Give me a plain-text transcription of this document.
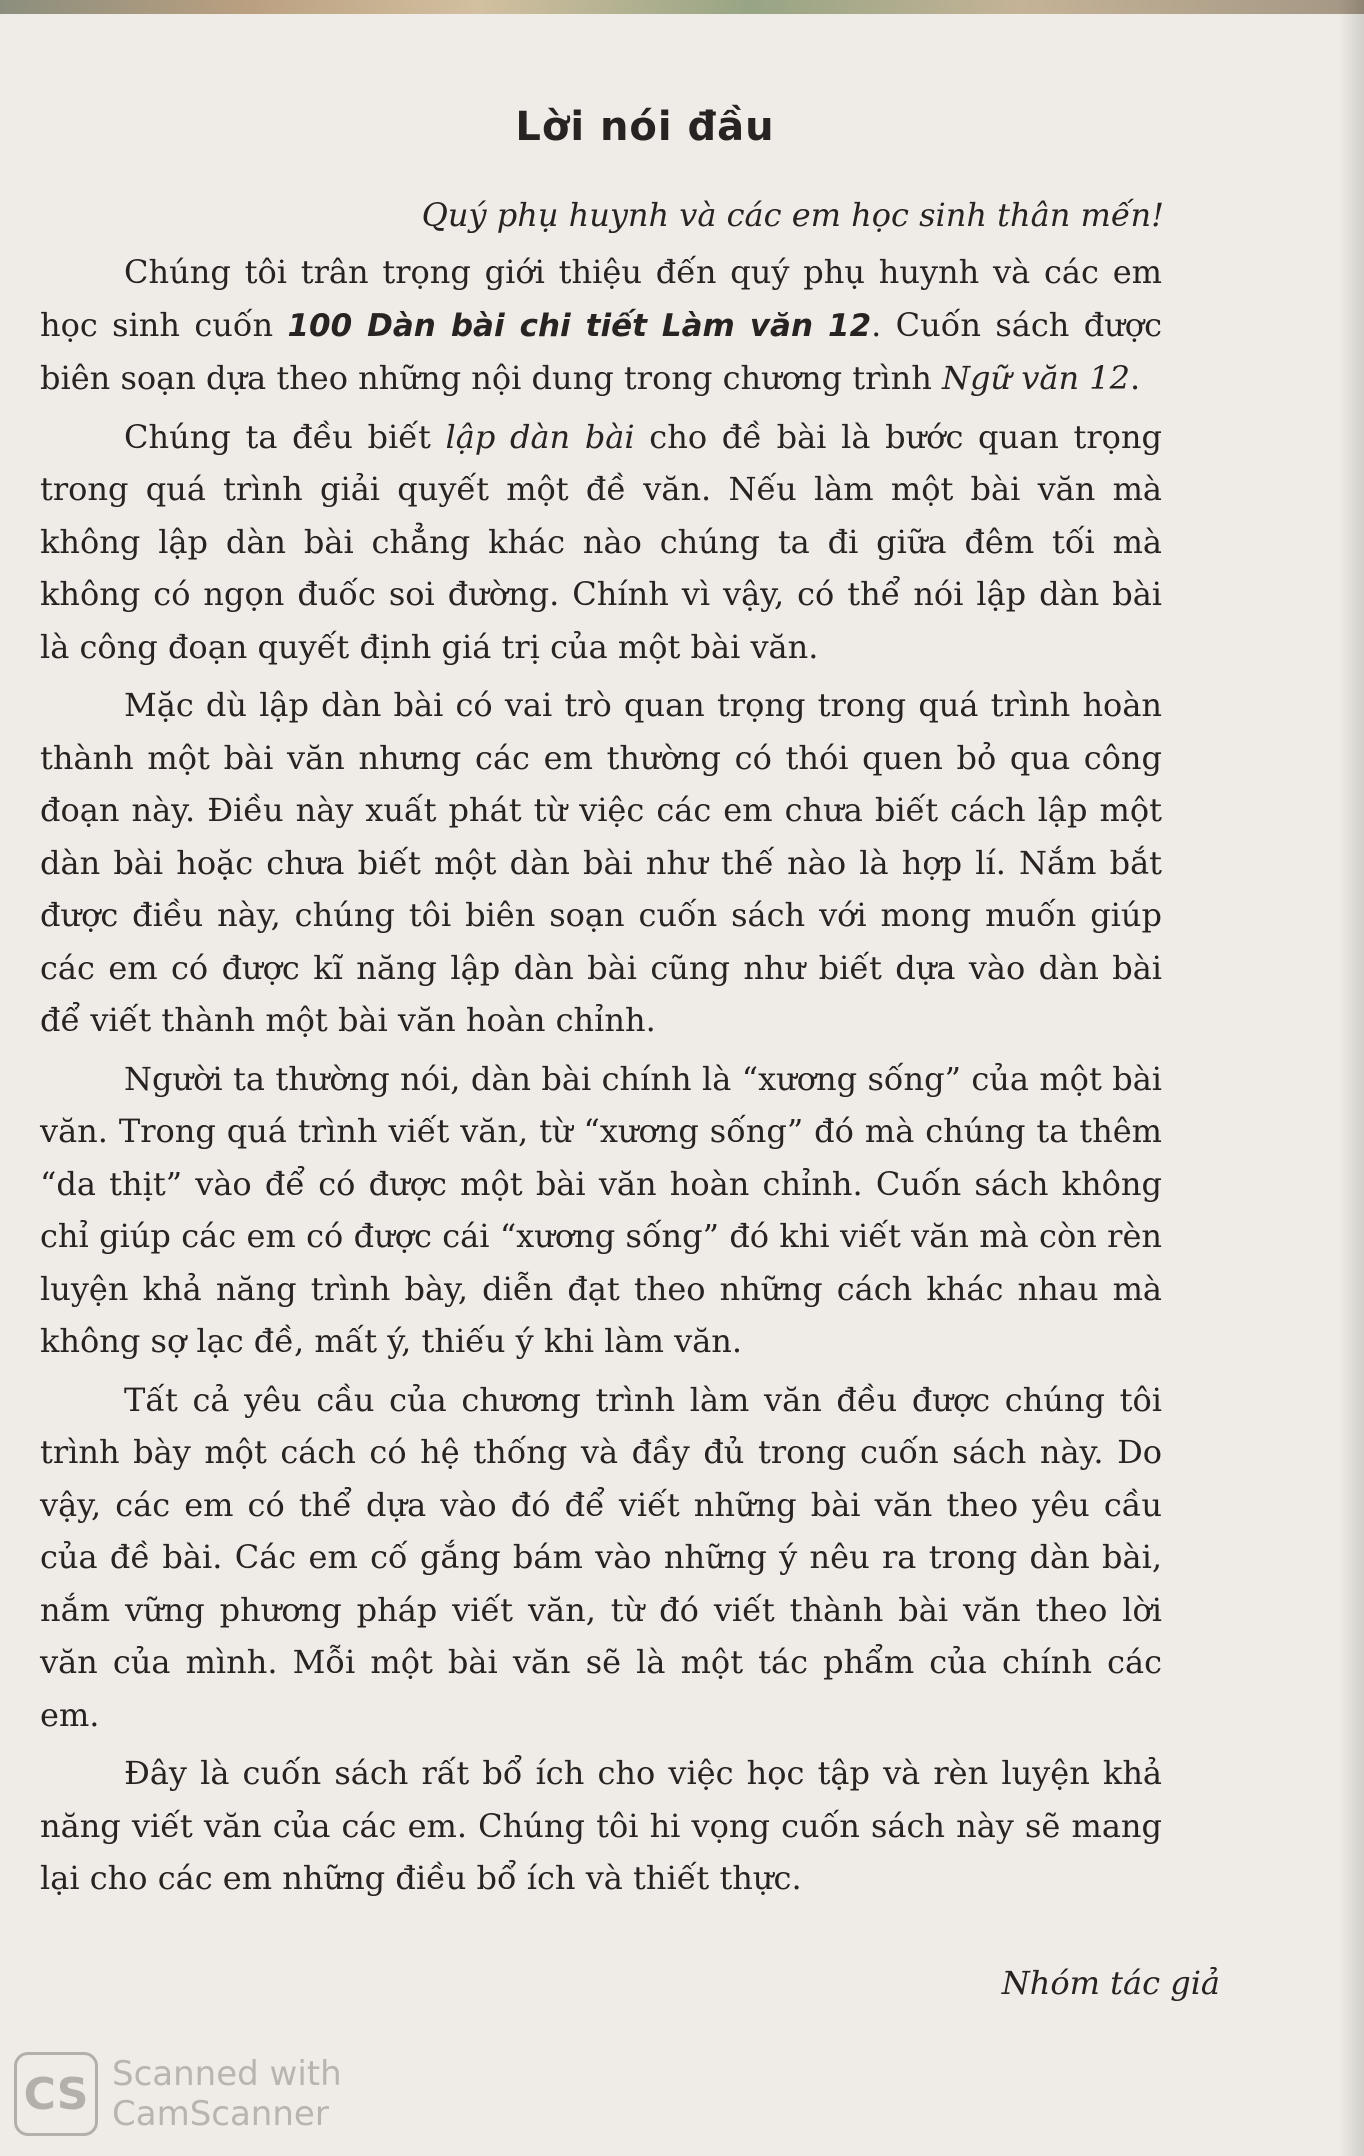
Lời nói đầu
Quý phụ huynh và các em học sinh thân mến!

Chúng tôi trân trọng giới thiệu đến quý phụ huynh và các em học sinh cuốn 100 Dàn bài chi tiết Làm văn 12. Cuốn sách được biên soạn dựa theo những nội dung trong chương trình Ngữ văn 12.

Chúng ta đều biết lập dàn bài cho đề bài là bước quan trọng trong quá trình giải quyết một đề văn. Nếu làm một bài văn mà không lập dàn bài chẳng khác nào chúng ta đi giữa đêm tối mà không có ngọn đuốc soi đường. Chính vì vậy, có thể nói lập dàn bài là công đoạn quyết định giá trị của một bài văn.

Mặc dù lập dàn bài có vai trò quan trọng trong quá trình hoàn thành một bài văn nhưng các em thường có thói quen bỏ qua công đoạn này. Điều này xuất phát từ việc các em chưa biết cách lập một dàn bài hoặc chưa biết một dàn bài như thế nào là hợp lí. Nắm bắt được điều này, chúng tôi biên soạn cuốn sách với mong muốn giúp các em có được kĩ năng lập dàn bài cũng như biết dựa vào dàn bài để viết thành một bài văn hoàn chỉnh.

Người ta thường nói, dàn bài chính là “xương sống” của một bài văn. Trong quá trình viết văn, từ “xương sống” đó mà chúng ta thêm “da thịt” vào để có được một bài văn hoàn chỉnh. Cuốn sách không chỉ giúp các em có được cái “xương sống” đó khi viết văn mà còn rèn luyện khả năng trình bày, diễn đạt theo những cách khác nhau mà không sợ lạc đề, mất ý, thiếu ý khi làm văn.

Tất cả yêu cầu của chương trình làm văn đều được chúng tôi trình bày một cách có hệ thống và đầy đủ trong cuốn sách này. Do vậy, các em có thể dựa vào đó để viết những bài văn theo yêu cầu của đề bài. Các em cố gắng bám vào những ý nêu ra trong dàn bài, nắm vững phương pháp viết văn, từ đó viết thành bài văn theo lời văn của mình. Mỗi một bài văn sẽ là một tác phẩm của chính các em.

Đây là cuốn sách rất bổ ích cho việc học tập và rèn luyện khả năng viết văn của các em. Chúng tôi hi vọng cuốn sách này sẽ mang lại cho các em những điều bổ ích và thiết thực.

Nhóm tác giả
CS Scanned with
CamScanner
